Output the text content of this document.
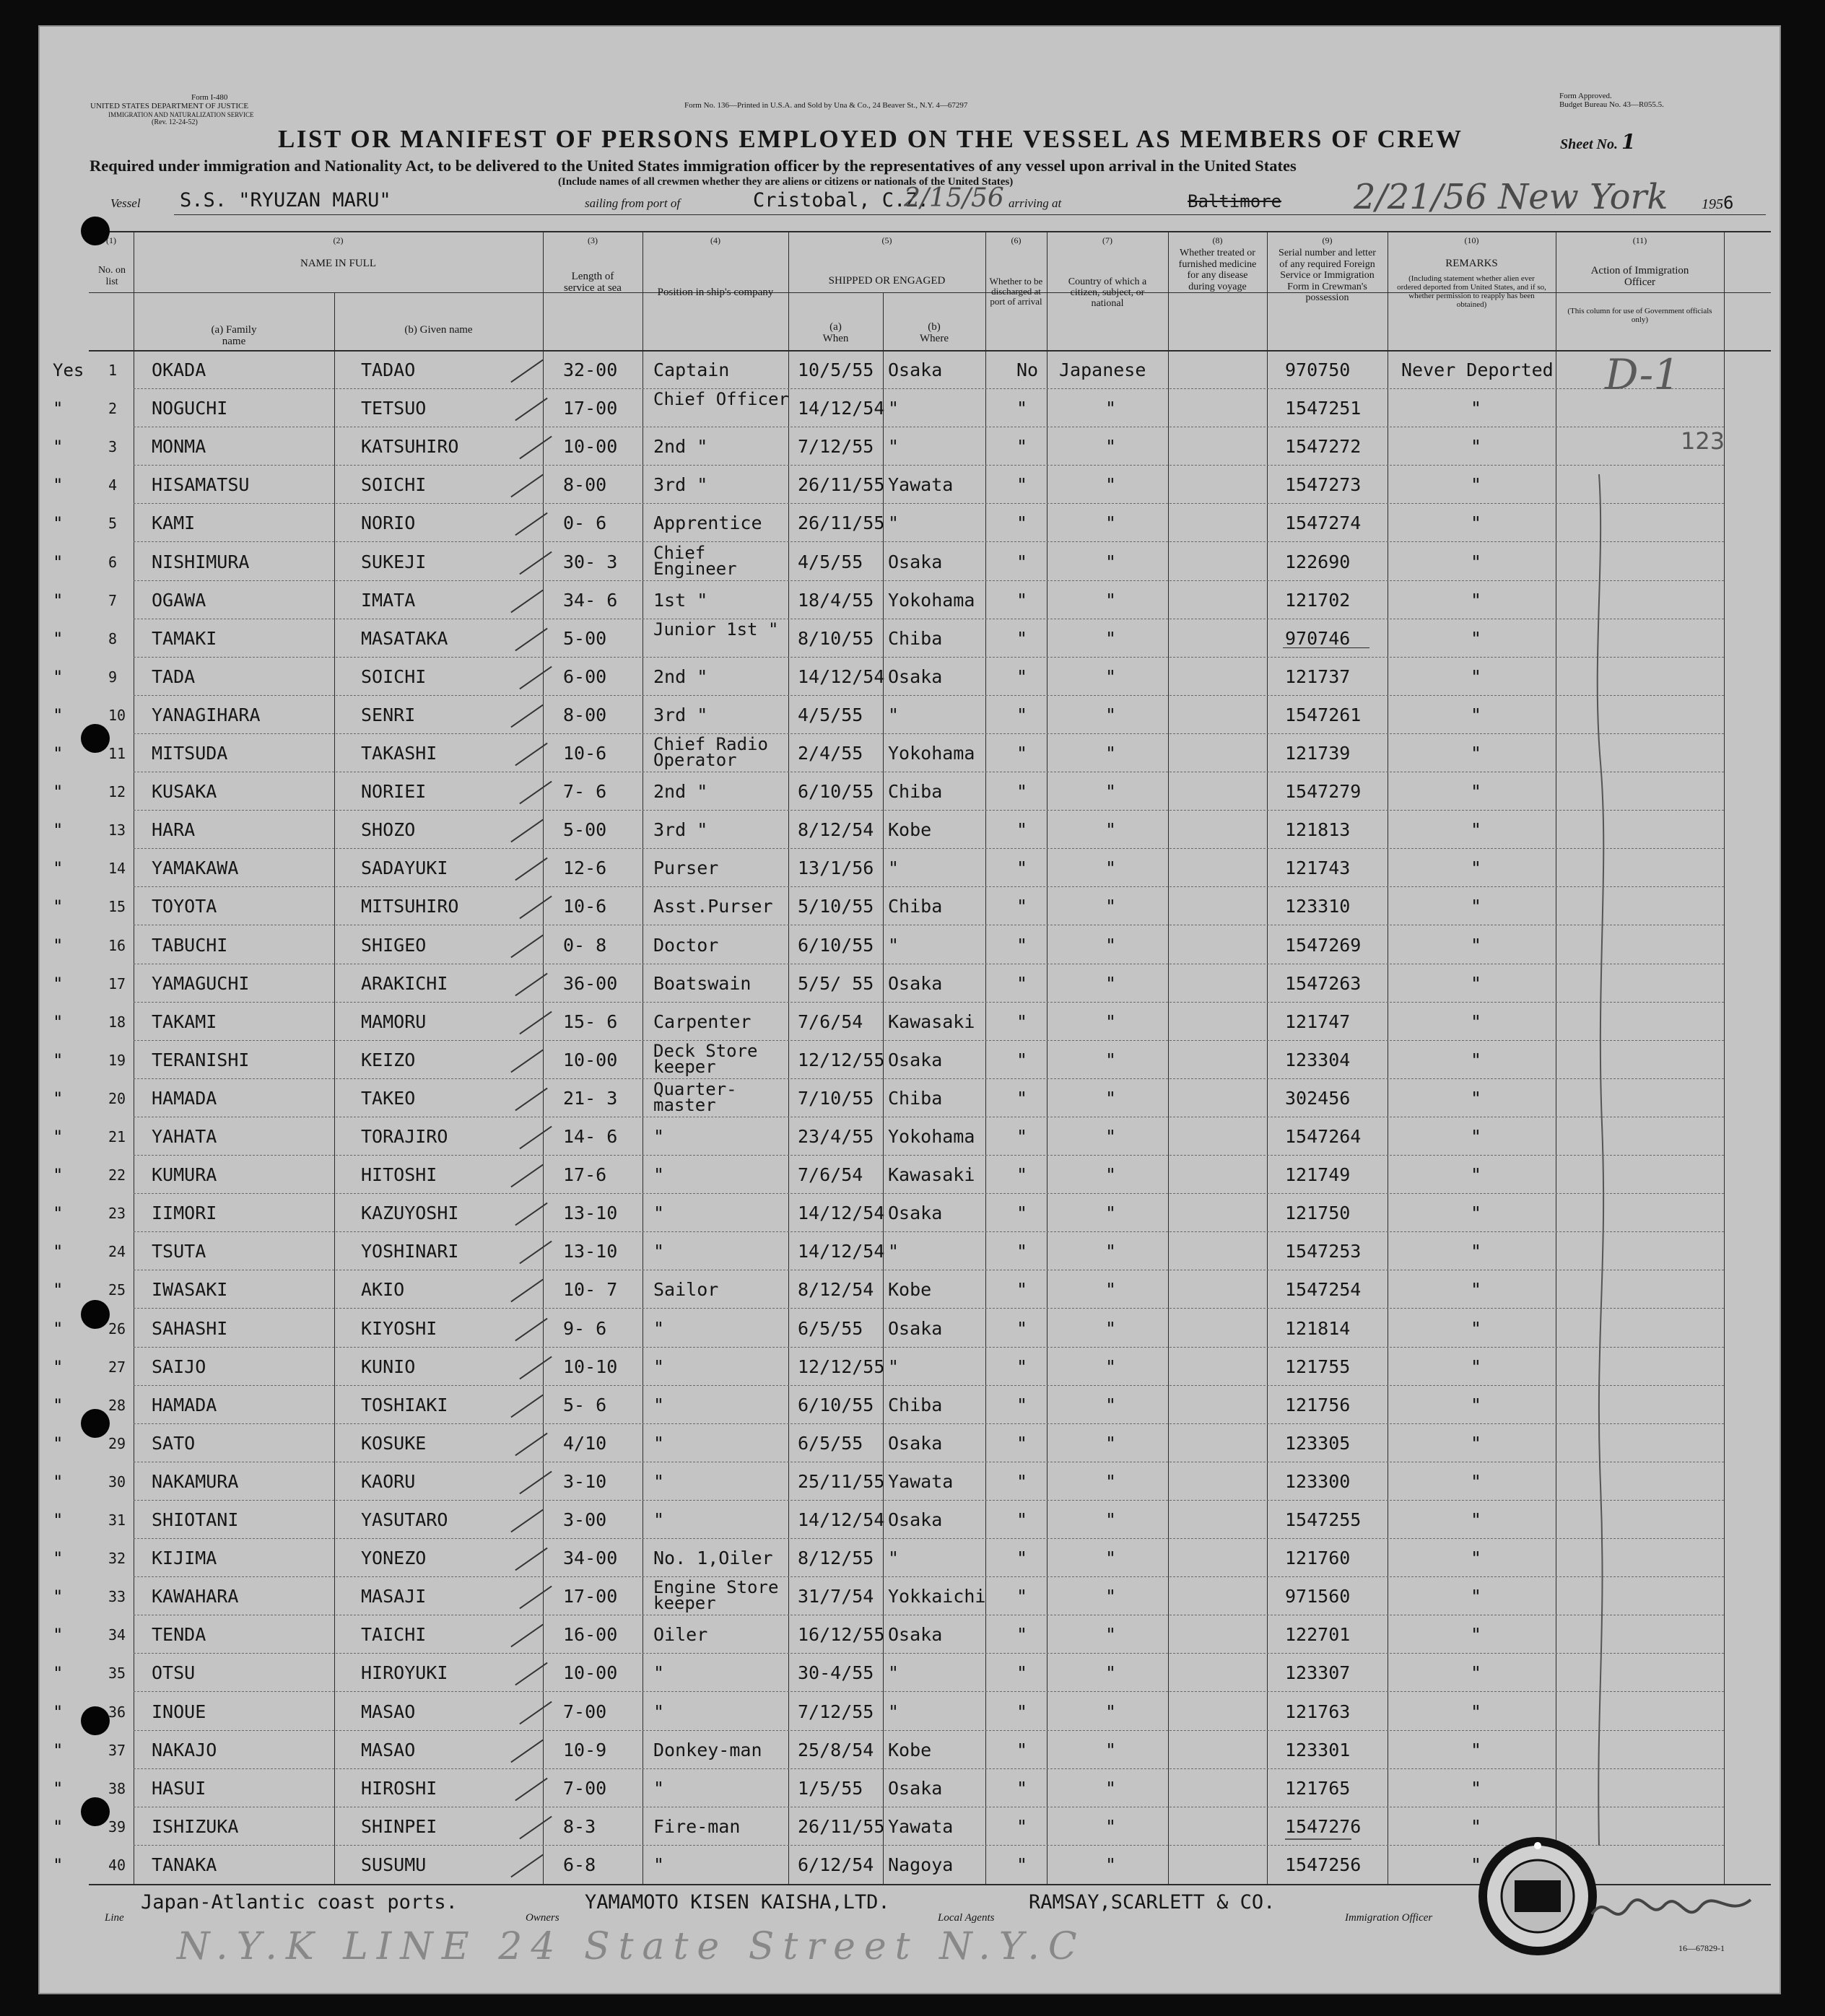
Form I-480
UNITED STATES DEPARTMENT OF JUSTICE
IMMIGRATION AND NATURALIZATION SERVICE
(Rev. 12-24-52)
Form No. 136—Printed in U.S.A. and Sold by Una & Co., 24 Beaver St., N.Y. 4—67297
Form Approved.
Budget Bureau No. 43—R055.5.
LIST OR MANIFEST OF PERSONS EMPLOYED ON THE VESSEL AS MEMBERS OF CREW	Sheet No. 1
Required under immigration and Nationality Act, to be delivered to the United States immigration officer by the representatives of any vessel upon arrival in the United States
(Include names of all crewmen whether they are aliens or citizens or nationals of the United States)
Vessel S.S. "RYUZAN MARU"	sailing from port of	Cristobal, C.Z.
2/15/56 arriving at	Baltimore 2/21/56 New York 1956
(1)
No. on list
(2)
NAME IN FULL
(a) Family name
(b) Given name
(3)
Length of service at sea
(4)
Position in ship's company
(5)
SHIPPED OR ENGAGED
(a) When
(b) Where
(6)
Whether to be discharged at port of arrival
(7)
Country of which a citizen, subject, or national
(8)
Whether treated or furnished medicine for any disease during voyage
(9)
Serial number and letter of any required Foreign Service or Immigration Form in Crewman's possession
(10)
REMARKS
(Including statement whether alien ever ordered deported from United States, and if so, whether permission to reapply has been obtained)
(11)
Action of Immigration Officer
(This column for use of Government officials only)
Yes 1 OKADA	TADAO	32-00 Captain	10/5/55 Osaka	No Japanese	970750	Never Deported
"	2 NOGUCHI	TETSUO	17-00 Chief Officer 14/12/54 "	"	"	1547251	"
"	3 MONMA	KATSUHIRO	10-00 2nd "	7/12/55 "	"	"	1547272	"
"	4 HISAMATSU	SOICHI	8-00	3rd "	26/11/55 Yawata	"	"	1547273	"
"	5 KAMI	NORIO	0- 6	Apprentice 26/11/55 "	"	"	1547274	"
"	6 NISHIMURA	SUKEJI	30- 3 Chief Engineer	4/5/55 Osaka	"	"	122690	"
"	7 OGAWA	IMATA	34- 6 1st "	18/4/55 Yokohama "	"	121702	"
"	8 TAMAKI	MASATAKA	5-00	Junior 1st "	8/10/55 Chiba	"	"	970746	"
"	9 TADA	SOICHI	6-00	2nd "	14/12/54 Osaka	"	"	121737	"
"	10 YANAGIHARA	SENRI	8-00	3rd "	4/5/55 "	"	"	1547261	"
"	11 MITSUDA	TAKASHI	10-6	Chief Radio Operator	2/4/55 Yokohama "	"	121739	"
"	12 KUSAKA	NORIEI	7- 6	2nd "	6/10/55 Chiba	"	"	1547279	"
"	13 HARA	SHOZO	5-00	3rd "	8/12/54 Kobe	"	"	121813	"
"	14 YAMAKAWA	SADAYUKI	12-6	Purser	13/1/56 "	"	"	121743	"
"	15 TOYOTA	MITSUHIRO	10-6	Asst.Purser 5/10/55 Chiba	"	"	123310	"
"	16 TABUCHI	SHIGEO	0- 8	Doctor	6/10/55 "	"	"	1547269	"
"	17 YAMAGUCHI	ARAKICHI	36-00 Boatswain	5/5/ 55 Osaka	"	"	1547263	"
"	18 TAKAMI	MAMORU	15- 6 Carpenter	7/6/54 Kawasaki "	"	121747	"
"	19 TERANISHI	KEIZO	10-00 Deck Store keeper	12/12/55 Osaka	"	"	123304	"
"	20 HAMADA	TAKEO	21- 3 Quarter-master	7/10/55 Chiba	"	"	302456	"
"	21 YAHATA	TORAJIRO	14- 6 "	23/4/55 Yokohama "	"	1547264	"
"	22 KUMURA	HITOSHI	17-6	"	7/6/54 Kawasaki "	"	121749	"
"	23 IIMORI	KAZUYOSHI	13-10 "	14/12/54 Osaka	"	"	121750	"
"	24 TSUTA	YOSHINARI	13-10 "	14/12/54 "	"	"	1547253	"
"	25 IWASAKI	AKIO	10- 7 Sailor	8/12/54 Kobe	"	"	1547254	"
"	26 SAHASHI	KIYOSHI	9- 6	"	6/5/55 Osaka	"	"	121814	"
"	27 SAIJO	KUNIO	10-10 "	12/12/55 "	"	"	121755	"
"	28 HAMADA	TOSHIAKI	5- 6	"	6/10/55 Chiba	"	"	121756	"
"	29 SATO	KOSUKE	4/10	"	6/5/55 Osaka	"	"	123305	"
"	30 NAKAMURA	KAORU	3-10	"	25/11/55 Yawata	"	"	123300	"
"	31 SHIOTANI	YASUTARO	3-00	"	14/12/54 Osaka	"	"	1547255	"
"	32 KIJIMA	YONEZO	34-00 No. 1,Oiler 8/12/55 "	"	"	121760	"
"	33 KAWAHARA	MASAJI	17-00 Engine Store keeper	31/7/54 Yokkaichi "	"	971560	"
"	34 TENDA	TAICHI	16-00 Oiler	16/12/55 Osaka	"	"	122701	"
"	35 OTSU	HIROYUKI	10-00 "	30-4/55 "	"	"	123307	"
"	36 INOUE	MASAO	7-00	"	7/12/55 "	"	"	121763	"
"	37 NAKAJO	MASAO	10-9	Donkey-man 25/8/54 Kobe	"	"	123301	"
"	38 HASUI	HIROSHI	7-00	"	1/5/55 Osaka	"	"	121765	"
"	39 ISHIZUKA	SHINPEI	8-3	Fire-man	26/11/55 Yawata	"	"	1547276	"
"	40 TANAKA	SUSUMU	6-8	"	6/12/54 Nagoya	"	"	1547256	"
D-1
123
Line
Japan-Atlantic coast ports.
Owners
YAMAMOTO KISEN KAISHA,LTD.
Local Agents
RAMSAY,SCARLETT & CO.
Immigration Officer
N.Y.K LINE 24 State Street N.Y.C	16—67829-1
